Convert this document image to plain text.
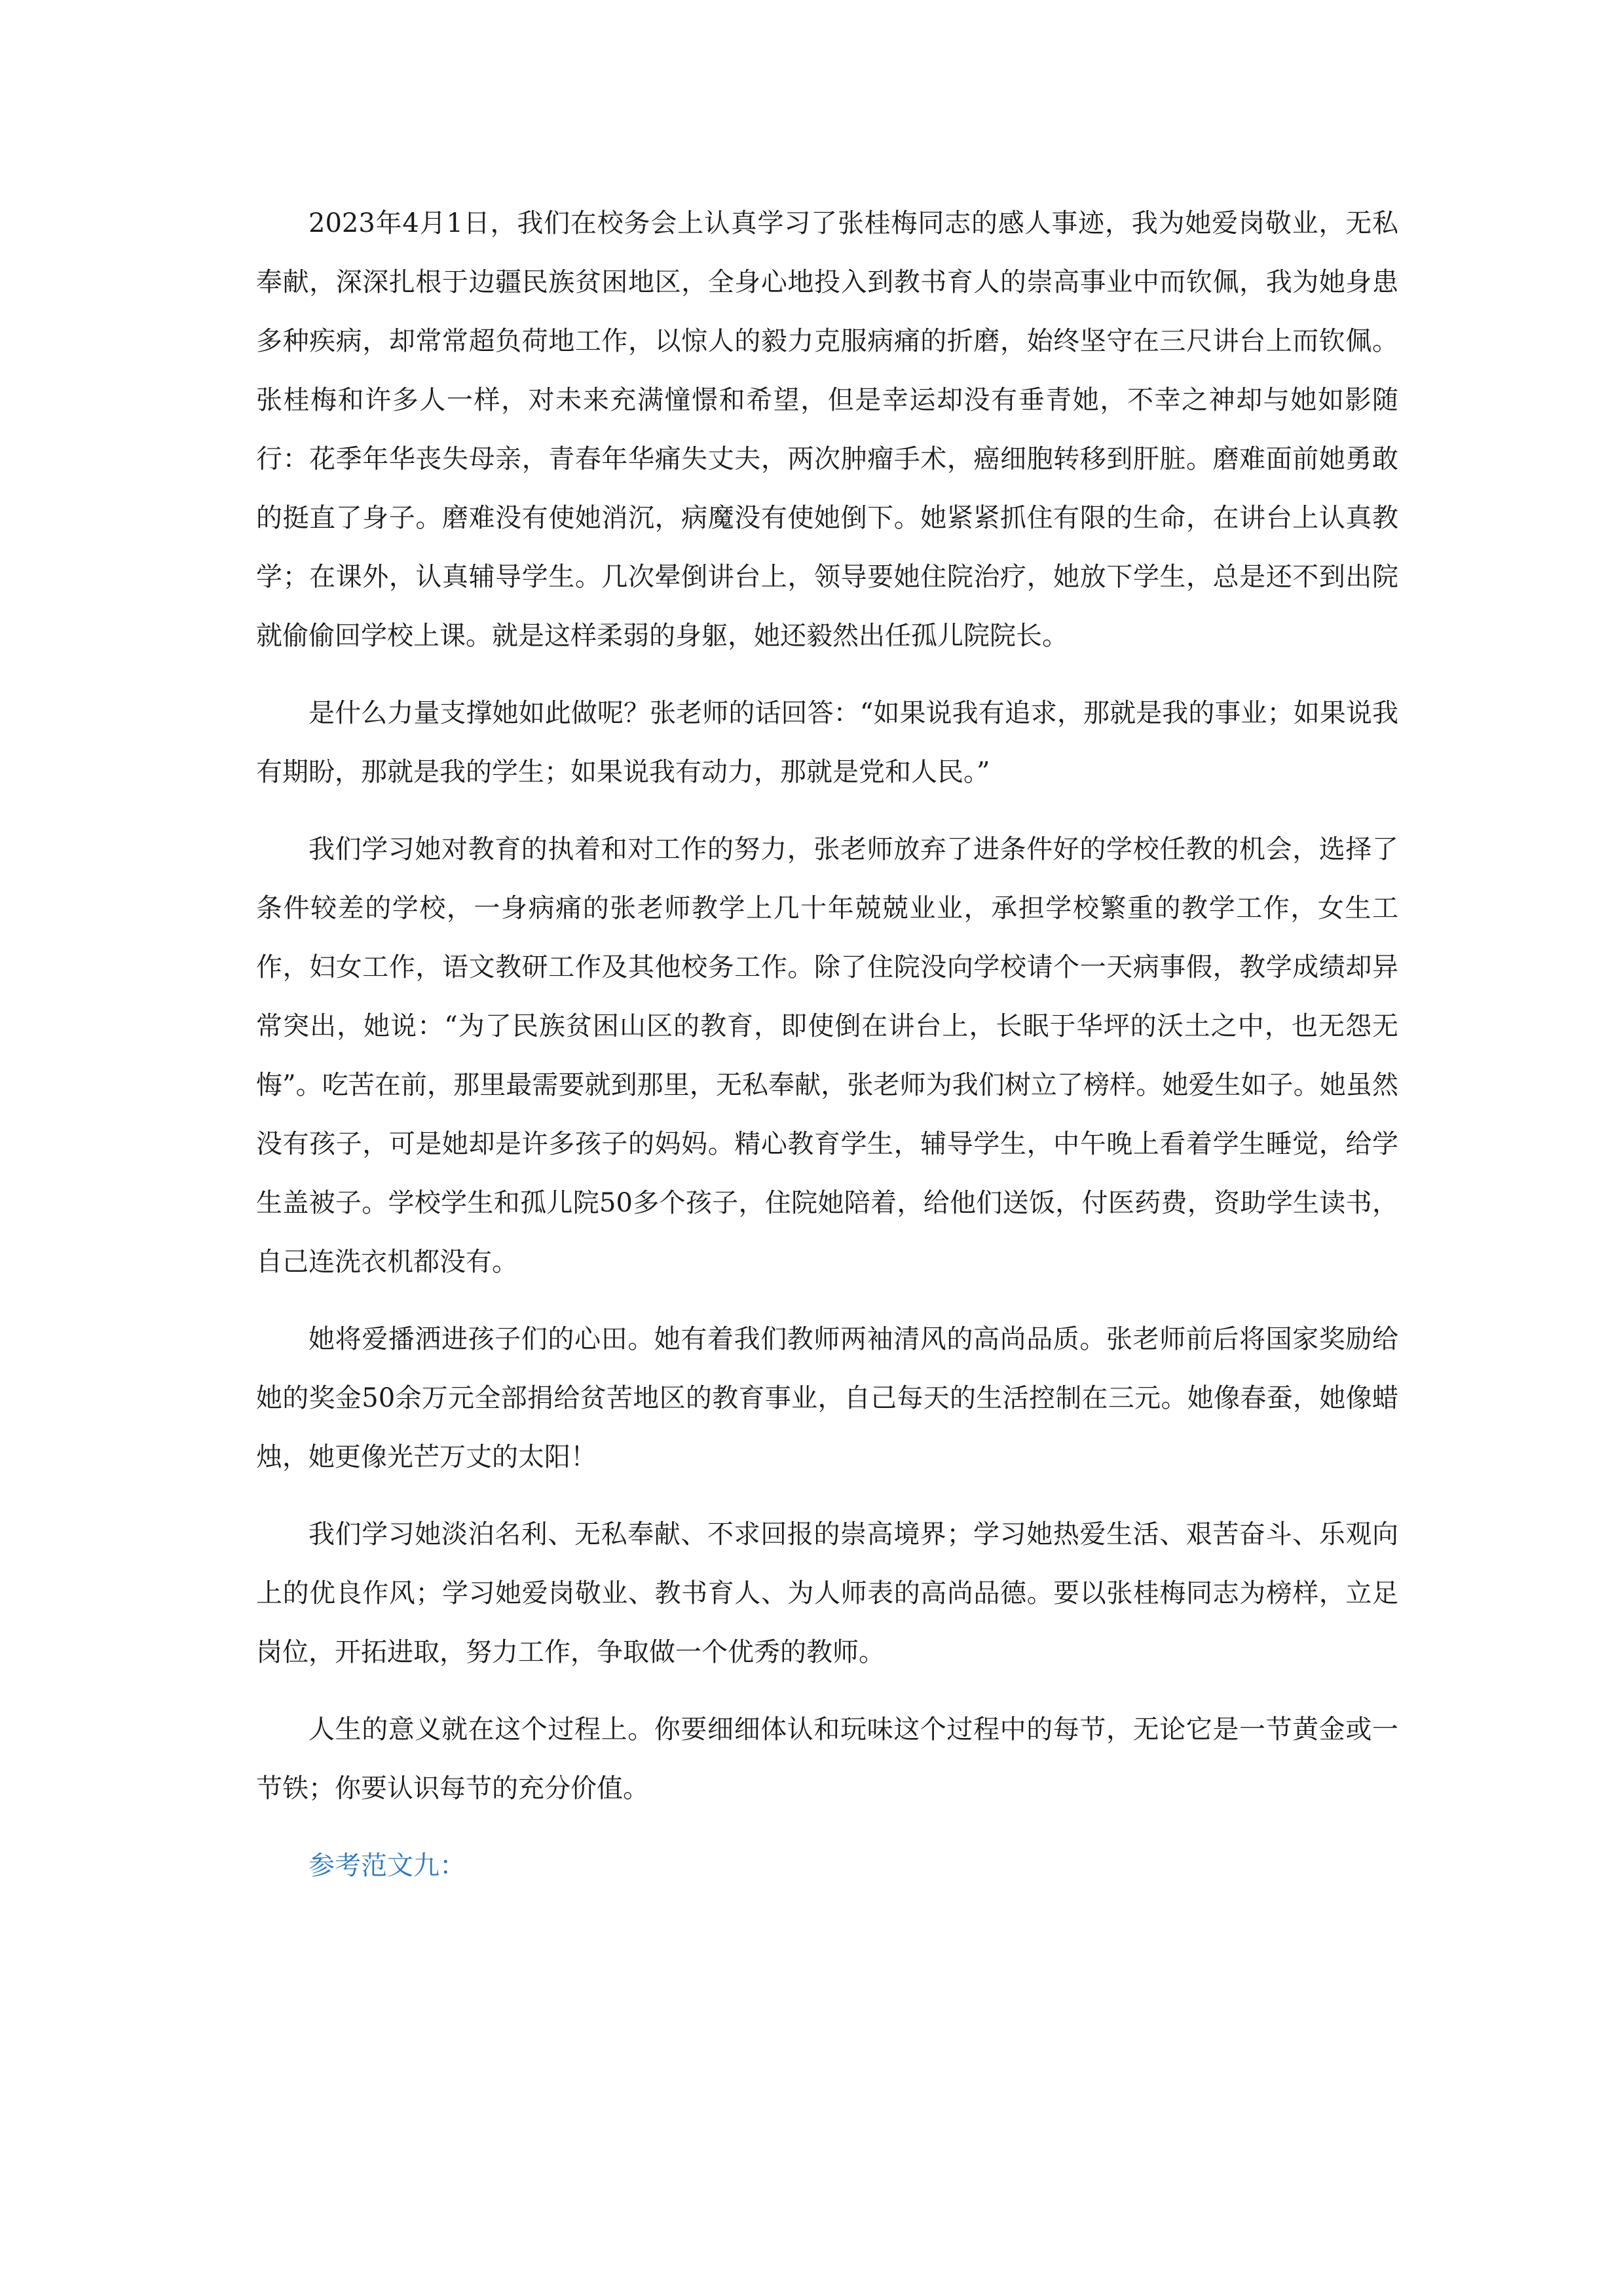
2023年4月1日，我们在校务会上认真学习了张桂梅同志的感人事迹，我为她爱岗敬业，无私奉献，深深扎根于边疆民族贫困地区，全身心地投入到教书育人的崇高事业中而钦佩，我为她身患多种疾病，却常常超负荷地工作，以惊人的毅力克服病痛的折磨，始终坚守在三尺讲台上而钦佩。张桂梅和许多人一样，对未来充满憧憬和希望，但是幸运却没有垂青她，不幸之神却与她如影随行：花季年华丧失母亲，青春年华痛失丈夫，两次肿瘤手术，癌细胞转移到肝脏。磨难面前她勇敢的挺直了身子。磨难没有使她消沉，病魔没有使她倒下。她紧紧抓住有限的生命，在讲台上认真教学；在课外，认真辅导学生。几次晕倒讲台上，领导要她住院治疗，她放下学生，总是还不到出院就偷偷回学校上课。就是这样柔弱的身躯，她还毅然出任孤儿院院长。

是什么力量支撑她如此做呢？张老师的话回答：“如果说我有追求，那就是我的事业；如果说我有期盼，那就是我的学生；如果说我有动力，那就是党和人民。”

我们学习她对教育的执着和对工作的努力，张老师放弃了进条件好的学校任教的机会，选择了条件较差的学校，一身病痛的张老师教学上几十年兢兢业业，承担学校繁重的教学工作，女生工作，妇女工作，语文教研工作及其他校务工作。除了住院没向学校请个一天病事假，教学成绩却异常突出，她说：“为了民族贫困山区的教育，即使倒在讲台上，长眠于华坪的沃土之中，也无怨无悔”。吃苦在前，那里最需要就到那里，无私奉献，张老师为我们树立了榜样。她爱生如子。她虽然没有孩子，可是她却是许多孩子的妈妈。精心教育学生，辅导学生，中午晚上看着学生睡觉，给学生盖被子。学校学生和孤儿院50多个孩子，住院她陪着，给他们送饭，付医药费，资助学生读书，自己连洗衣机都没有。

她将爱播洒进孩子们的心田。她有着我们教师两袖清风的高尚品质。张老师前后将国家奖励给她的奖金50余万元全部捐给贫苦地区的教育事业，自己每天的生活控制在三元。她像春蚕，她像蜡烛，她更像光芒万丈的太阳！

我们学习她淡泊名利、无私奉献、不求回报的崇高境界；学习她热爱生活、艰苦奋斗、乐观向上的优良作风；学习她爱岗敬业、教书育人、为人师表的高尚品德。要以张桂梅同志为榜样，立足岗位，开拓进取，努力工作，争取做一个优秀的教师。

人生的意义就在这个过程上。你要细细体认和玩味这个过程中的每节，无论它是一节黄金或一节铁；你要认识每节的充分价值。

参考范文九：
